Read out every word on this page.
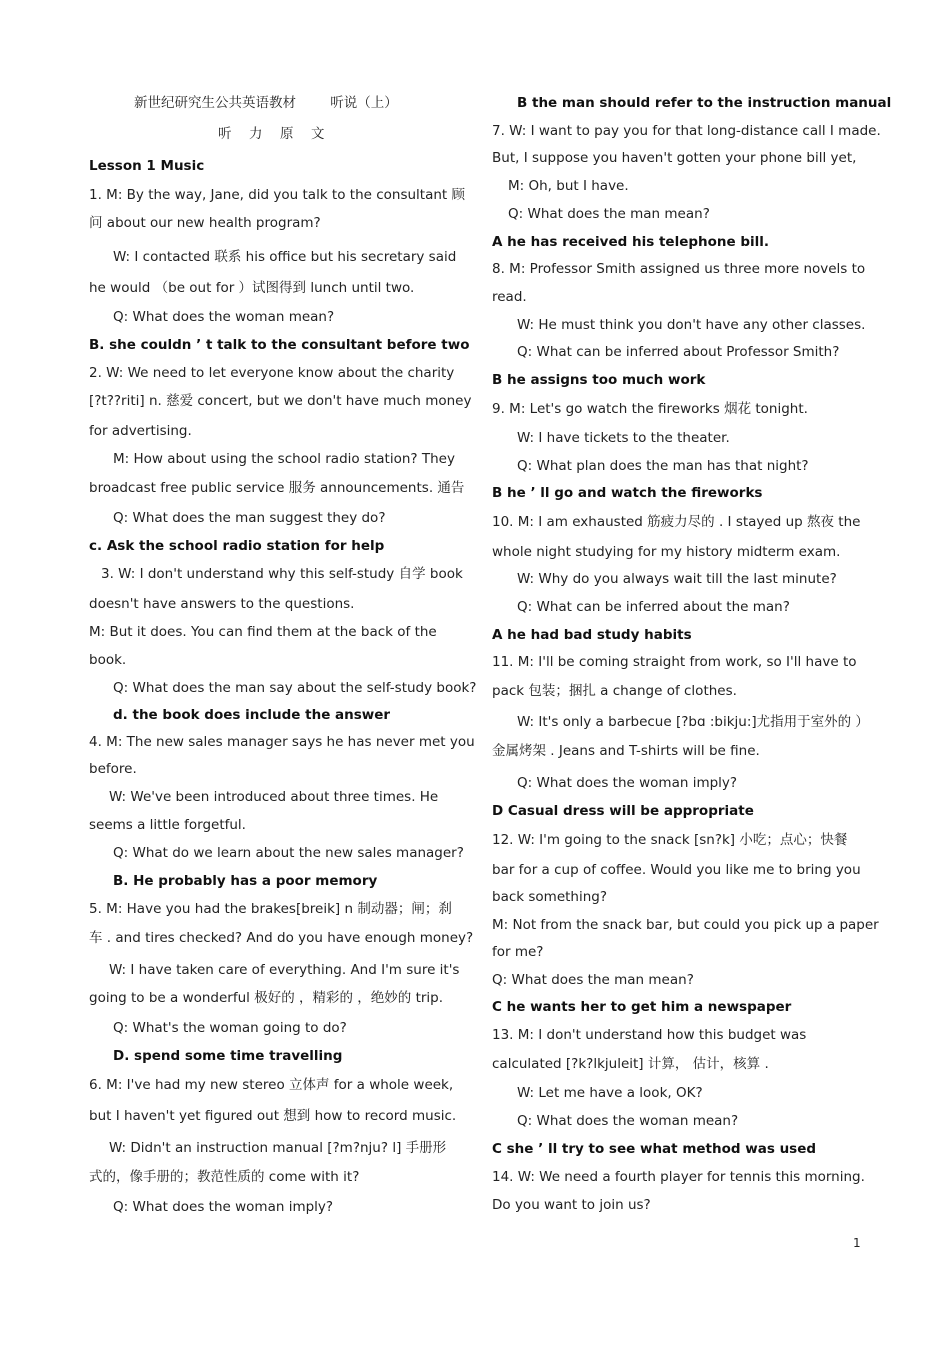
新世纪研究生公共英语教材	听说（上）
听　力　原　文
Lesson 1 Music
1. M: By the way, Jane, did you talk to the consultant 顾
问 about our new health program?
W: I contacted 联系 his office but his secretary said
he would （be out for ）试图得到 lunch until two.
Q: What does the woman mean?
B. she couldn ’ t talk to the consultant before two
2. W: We need to let everyone know about the charity
[?t??riti] n. 慈爱 concert, but we don't have much money
for advertising.
M: How about using the school radio station? They
broadcast free public service 服务 announcements. 通告
Q: What does the man suggest they do?
c. Ask the school radio station for help
3. W: I don't understand why this self-study 自学 book
doesn't have answers to the questions.
M: But it does. You can find them at the back of the
book.
Q: What does the man say about the self-study book?
d. the book does include the answer
4. M: The new sales manager says he has never met you
before.
W: We've been introduced about three times. He
seems a little forgetful.
Q: What do we learn about the new sales manager?
B. He probably has a poor memory
5. M: Have you had the brakes[breik] n 制动器；闸；刹
车 . and tires checked? And do you have enough money?
W: I have taken care of everything. And I'm sure it's
going to be a wonderful 极好的 ，精彩的 ，绝妙的 trip.
Q: What's the woman going to do?
D. spend some time travelling
6. M: I've had my new stereo 立体声 for a whole week,
but I haven't yet figured out 想到 how to record music.
W: Didn't an instruction manual [?m?nju? l] 手册形
式的，像手册的；教范性质的 come with it?
Q: What does the woman imply?
B the man should refer to the instruction manual
7. W: I want to pay you for that long-distance call I made.
But, I suppose you haven't gotten your phone bill yet,
M: Oh, but I have.
Q: What does the man mean?
A he has received his telephone bill.
8. M: Professor Smith assigned us three more novels to
read.
W: He must think you don't have any other classes.
Q: What can be inferred about Professor Smith?
B he assigns too much work
9. M: Let's go watch the fireworks 烟花 tonight.
W: I have tickets to the theater.
Q: What plan does the man has that night?
B he ’ ll go and watch the fireworks
10. M: I am exhausted 筋疲力尽的 . I stayed up 熬夜 the
whole night studying for my history midterm exam.
W: Why do you always wait till the last minute?
Q: What can be inferred about the man?
A he had bad study habits
11. M: I'll be coming straight from work, so I'll have to
pack 包装；捆扎 a change of clothes.
W: It's only a barbecue [?bɑ :bikju:]尤指用于室外的 ）
金属烤架 . Jeans and T-shirts will be fine.
Q: What does the woman imply?
D Casual dress will be appropriate
12. W: I'm going to the snack [sn?k] 小吃；点心；快餐
bar for a cup of coffee. Would you like me to bring you
back something?
M: Not from the snack bar, but could you pick up a paper
for me?
Q: What does the man mean?
C he wants her to get him a newspaper
13. M: I don't understand how this budget was
calculated [?k?lkjuleit] 计算， 估计，核算 .
W: Let me have a look, OK?
Q: What does the woman mean?
C she ’ ll try to see what method was used
14. W: We need a fourth player for tennis this morning.
Do you want to join us?
1
